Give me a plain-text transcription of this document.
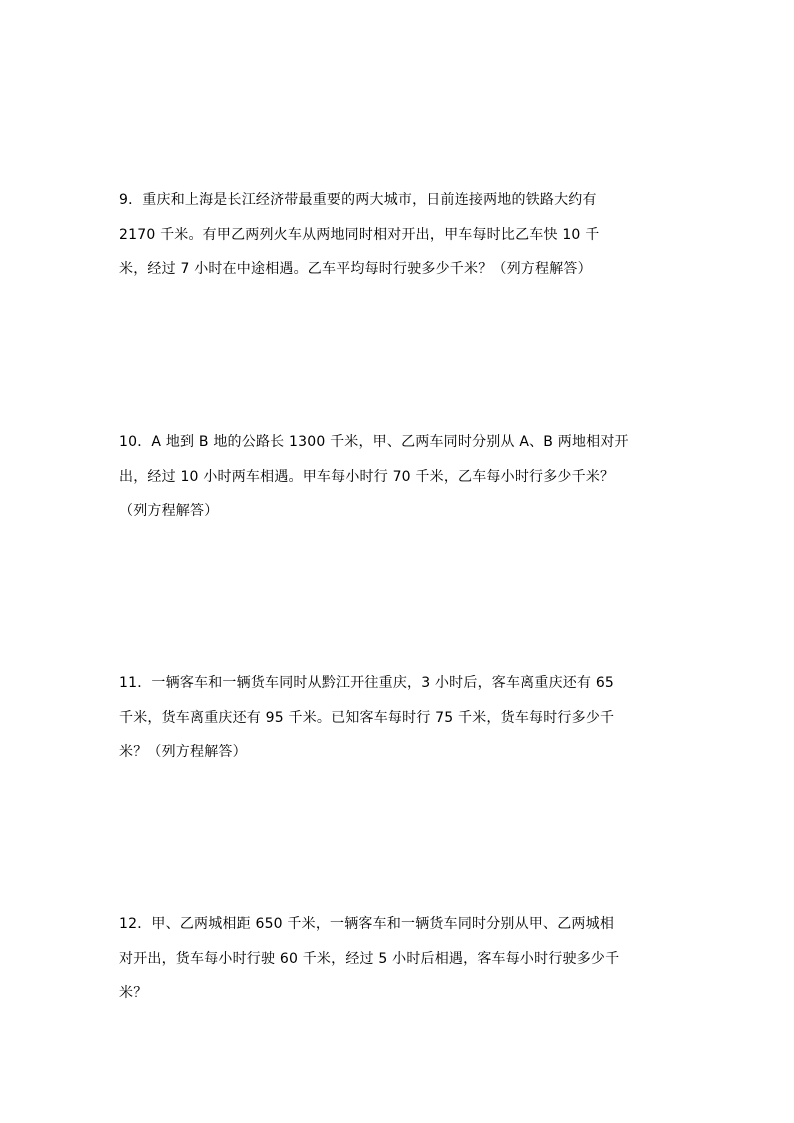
9．重庆和上海是长江经济带最重要的两大城市，日前连接两地的铁路大约有
2170 千米。有甲乙两列火车从两地同时相对开出，甲车每时比乙车快 10 千
米，经过 7 小时在中途相遇。乙车平均每时行驶多少千米？（列方程解答）
10．A 地到 B 地的公路长 1300 千米，甲、乙两车同时分别从 A、B 两地相对开
出，经过 10 小时两车相遇。甲车每小时行 70 千米，乙车每小时行多少千米？
（列方程解答）
11．一辆客车和一辆货车同时从黔江开往重庆，3 小时后，客车离重庆还有 65
千米，货车离重庆还有 95 千米。已知客车每时行 75 千米，货车每时行多少千
米？（列方程解答）
12．甲、乙两城相距 650 千米，一辆客车和一辆货车同时分别从甲、乙两城相
对开出，货车每小时行驶 60 千米，经过 5 小时后相遇，客车每小时行驶多少千
米？
